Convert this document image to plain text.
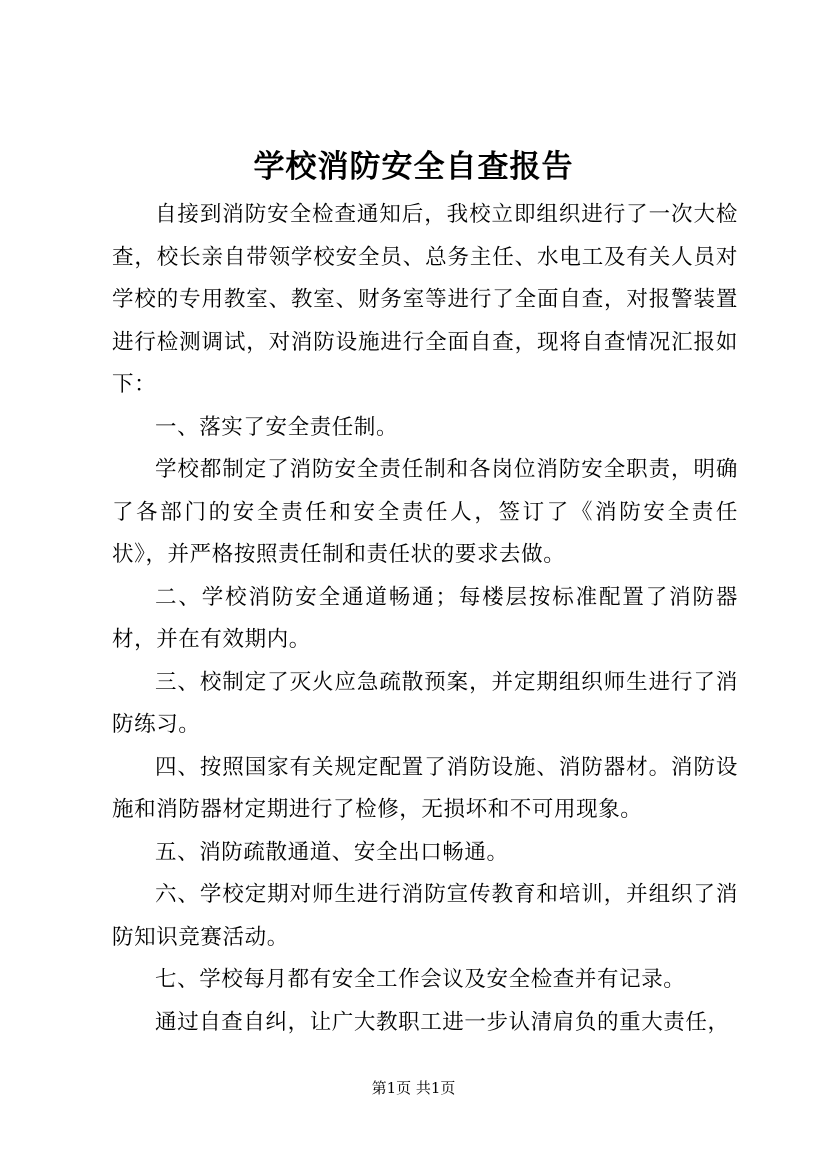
学校消防安全自查报告

自接到消防安全检查通知后，我校立即组织进行了一次大检查，校长亲自带领学校安全员、总务主任、水电工及有关人员对学校的专用教室、教室、财务室等进行了全面自查，对报警装置进行检测调试，对消防设施进行全面自查，现将自查情况汇报如下：

一、落实了安全责任制。

学校都制定了消防安全责任制和各岗位消防安全职责，明确了各部门的安全责任和安全责任人，签订了《消防安全责任状》，并严格按照责任制和责任状的要求去做。

二、学校消防安全通道畅通；每楼层按标准配置了消防器材，并在有效期内。

三、校制定了灭火应急疏散预案，并定期组织师生进行了消防练习。

四、按照国家有关规定配置了消防设施、消防器材。消防设施和消防器材定期进行了检修，无损坏和不可用现象。

五、消防疏散通道、安全出口畅通。

六、学校定期对师生进行消防宣传教育和培训，并组织了消防知识竞赛活动。

七、学校每月都有安全工作会议及安全检查并有记录。

通过自查自纠，让广大教职工进一步认清肩负的重大责任，

第1页 共1页
